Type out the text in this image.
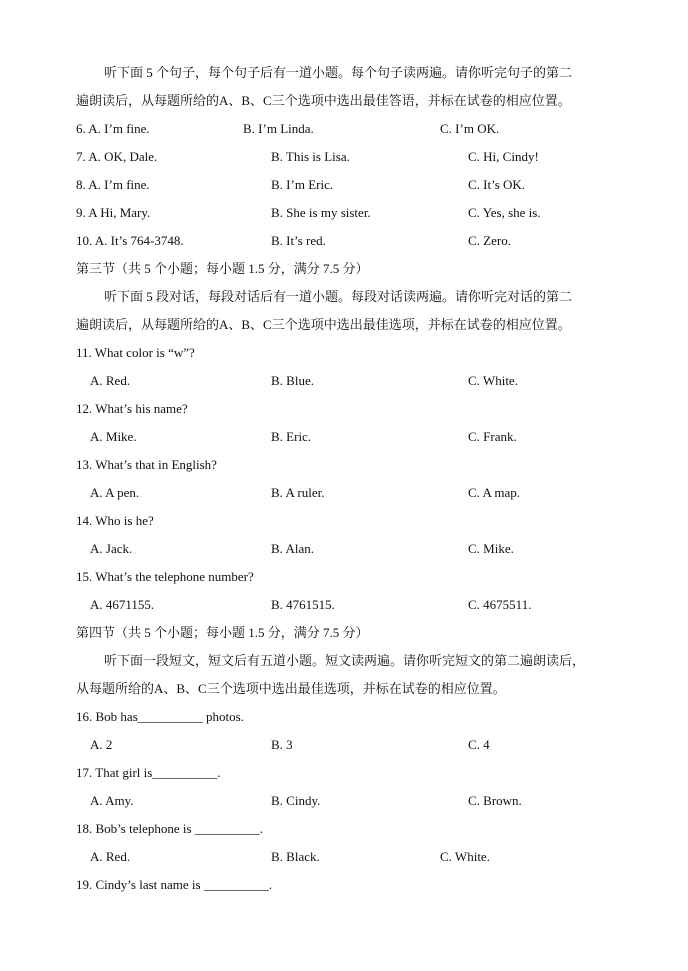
听下面 5 个句子，每个句子后有一道小题。每个句子读两遍。请你听完句子的第二
遍朗读后，从每题所给的A、B、C三个选项中选出最佳答语，并标在试卷的相应位置。
6. A. I’m fine.	B. I’m Linda.	C. I’m OK.
7. A. OK, Dale.	B. This is Lisa.	C. Hi, Cindy!
8. A. I’m fine.	B. I’m Eric.	C. It’s OK.
9. A Hi, Mary.	B. She is my sister.	C. Yes, she is.
10. A. It’s 764-3748.	B. It’s red.	C. Zero.
第三节（共 5 个小题；每小题 1.5 分，满分 7.5 分）
听下面 5 段对话，每段对话后有一道小题。每段对话读两遍。请你听完对话的第二
遍朗读后，从每题所给的A、B、C三个选项中选出最佳选项，并标在试卷的相应位置。
11. What color is “w”?
A. Red.	B. Blue.	C. White.
12. What’s his name?
A. Mike.	B. Eric.	C. Frank.
13. What’s that in English?
A. A pen.	B. A ruler.	C. A map.
14. Who is he?
A. Jack.	B. Alan.	C. Mike.
15. What’s the telephone number?
A. 4671155.	B. 4761515.	C. 4675511.
第四节（共 5 个小题；每小题 1.5 分，满分 7.5 分）
听下面一段短文，短文后有五道小题。短文读两遍。请你听完短文的第二遍朗读后，
从每题所给的A、B、C三个选项中选出最佳选项，并标在试卷的相应位置。
16. Bob has__________ photos.
A. 2	B. 3	C. 4
17. That girl is__________.
A. Amy.	B. Cindy.	C. Brown.
18. Bob’s telephone is __________.
A. Red.	B. Black.	C. White.
19. Cindy’s last name is __________.
